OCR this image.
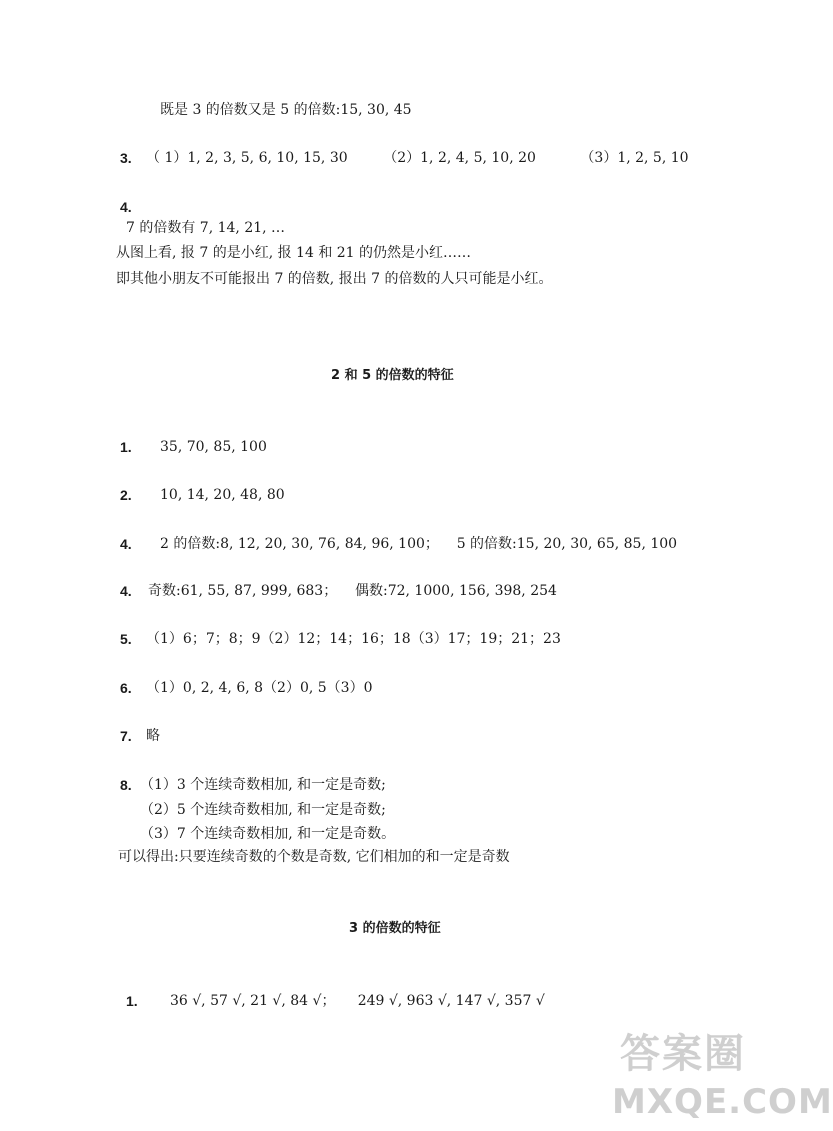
既是 3 的倍数又是 5 的倍数:15, 30, 45
3. （ 1）1, 2, 3, 5, 6, 10, 15, 30        （2）1, 2, 4, 5, 10, 20          （3）1, 2, 5, 10
4.
7 的倍数有 7, 14, 21, …
从图上看, 报 7 的是小红, 报 14 和 21 的仍然是小红……
即其他小朋友不可能报出 7 的倍数, 报出 7 的倍数的人只可能是小红。
2 和 5 的倍数的特征
1. 35, 70, 85, 100
2. 10, 14, 20, 48, 80
4. 2 的倍数:8, 12, 20, 30, 76, 84, 96, 100；    5 的倍数:15, 20, 30, 65, 85, 100
4. 奇数:61, 55, 87, 999, 683；    偶数:72, 1000, 156, 398, 254
5. （1）6；7；8；9（2）12；14；16；18（3）17；19；21；23
6. （1）0, 2, 4, 6, 8（2）0, 5（3）0
7. 略
8. （1）3 个连续奇数相加, 和一定是奇数;
（2）5 个连续奇数相加, 和一定是奇数;
（3）7 个连续奇数相加, 和一定是奇数。
可以得出:只要连续奇数的个数是奇数, 它们相加的和一定是奇数
3 的倍数的特征
1. 36 √, 57 √, 21 √, 84 √；     249 √, 963 √, 147 √, 357 √
答案圈
MXQE.COM
